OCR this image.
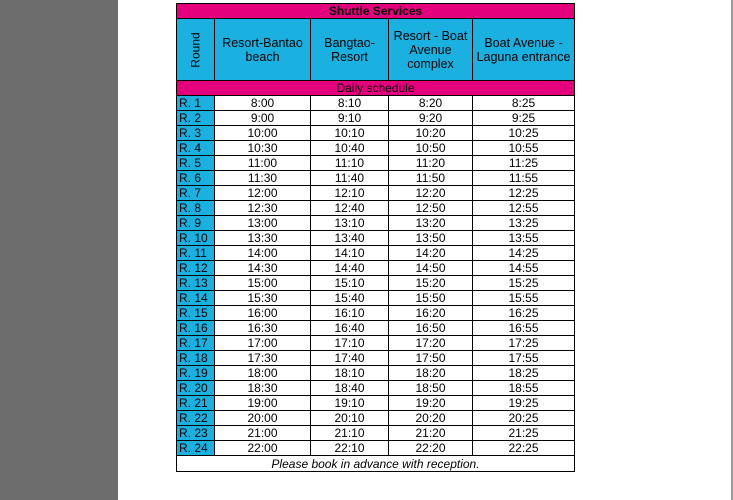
Shuttle Services				
Round	Resort-Bantao beach	Bangtao-Resort	Resort - Boat Avenue complex	Boat Avenue - Laguna entrance
Daily schedule				
R. 1	8:00	8:10	8:20	8:25
R. 2	9:00	9:10	9:20	9:25
R. 3	10:00	10:10	10:20	10:25
R. 4	10:30	10:40	10:50	10:55
R. 5	11:00	11:10	11:20	11:25
R. 6	11:30	11:40	11:50	11:55
R. 7	12:00	12:10	12:20	12:25
R. 8	12:30	12:40	12:50	12:55
R. 9	13:00	13:10	13:20	13:25
R. 10	13:30	13:40	13:50	13:55
R. 11	14:00	14:10	14:20	14:25
R. 12	14:30	14:40	14:50	14:55
R. 13	15:00	15:10	15:20	15:25
R. 14	15:30	15:40	15:50	15:55
R. 15	16:00	16:10	16:20	16:25
R. 16	16:30	16:40	16:50	16:55
R. 17	17:00	17:10	17:20	17:25
R. 18	17:30	17:40	17:50	17:55
R. 19	18:00	18:10	18:20	18:25
R. 20	18:30	18:40	18:50	18:55
R. 21	19:00	19:10	19:20	19:25
R. 22	20:00	20:10	20:20	20:25
R. 23	21:00	21:10	21:20	21:25
R. 24	22:00	22:10	22:20	22:25
Please book in advance with reception.				
